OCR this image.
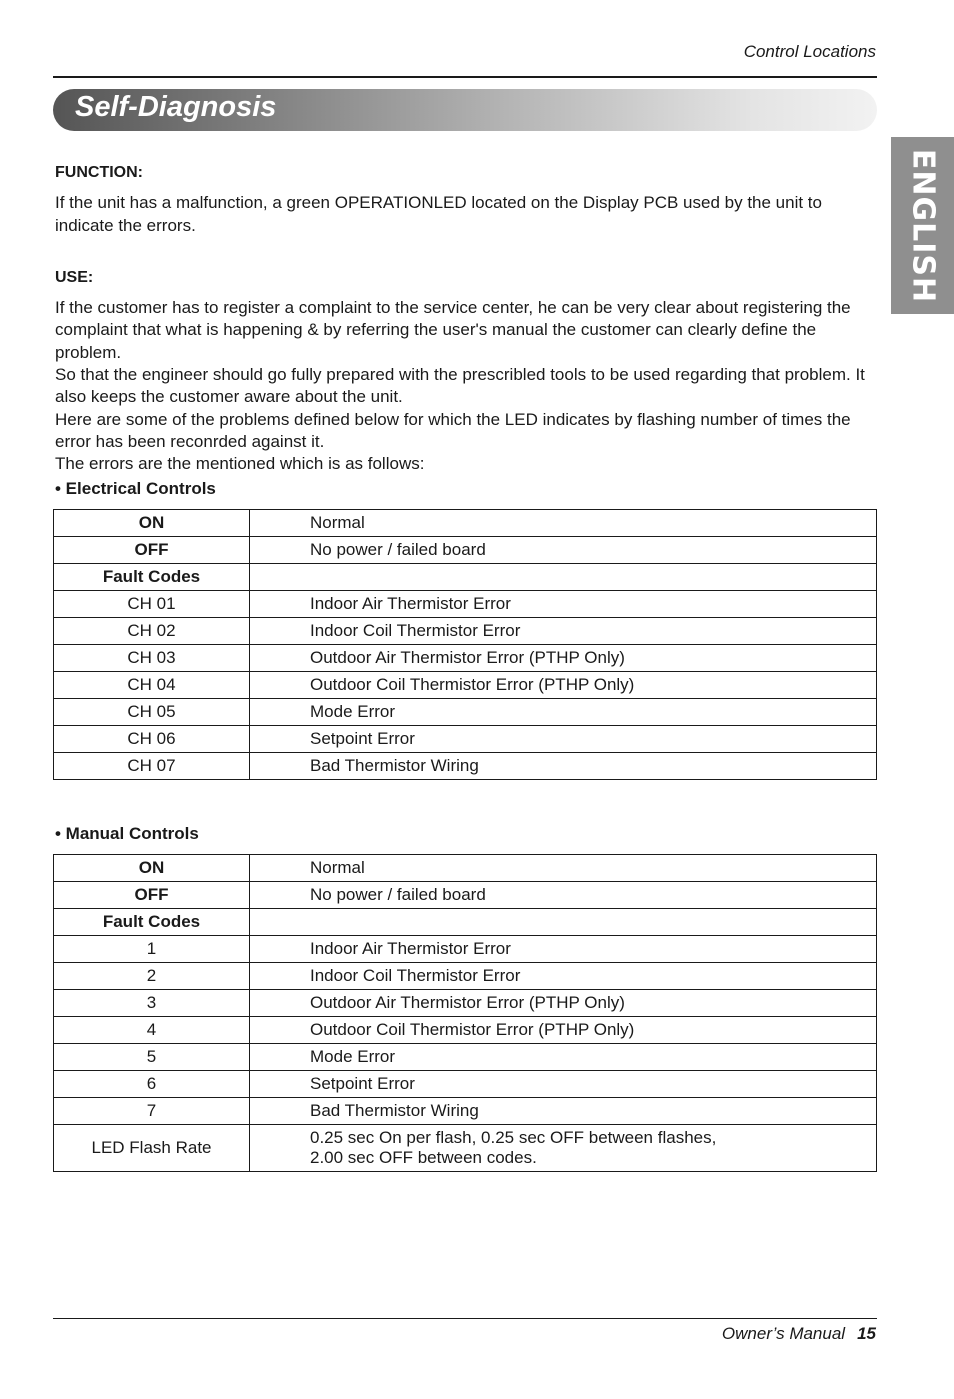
Control Locations
Self-Diagnosis
ENGLISH
FUNCTION:

If the unit has a malfunction, a green OPERATIONLED located on the Display PCB used by the unit to indicate the errors.

USE:

If the customer has to register a complaint to the service center, he can be very clear about registering the complaint that what is happening & by referring the user's manual the customer can clearly define the problem.

So that the engineer should go fully prepared with the prescribled tools to be used regarding that problem. It also keeps the customer aware about the unit.

Here are some of the problems defined below for which the LED indicates by flashing number of times the error has been reconrded against it.

The errors are the mentioned which is as follows:

• Electrical Controls
ON	Normal
OFF	No power / failed board
Fault Codes	
CH 01	Indoor Air Thermistor Error
CH 02	Indoor Coil Thermistor Error
CH 03	Outdoor Air Thermistor Error (PTHP Only)
CH 04	Outdoor Coil Thermistor Error (PTHP Only)
CH 05	Mode Error
CH 06	Setpoint Error
CH 07	Bad Thermistor Wiring
• Manual Controls
ON	Normal
OFF	No power / failed board
Fault Codes	
1	Indoor Air Thermistor Error
2	Indoor Coil Thermistor Error
3	Outdoor Air Thermistor Error (PTHP Only)
4	Outdoor Coil Thermistor Error (PTHP Only)
5	Mode Error
6	Setpoint Error
7	Bad Thermistor Wiring
LED Flash Rate	0.25 sec On per flash, 0.25 sec OFF between flashes,
2.00 sec OFF between codes.
Owner’s Manual 15
